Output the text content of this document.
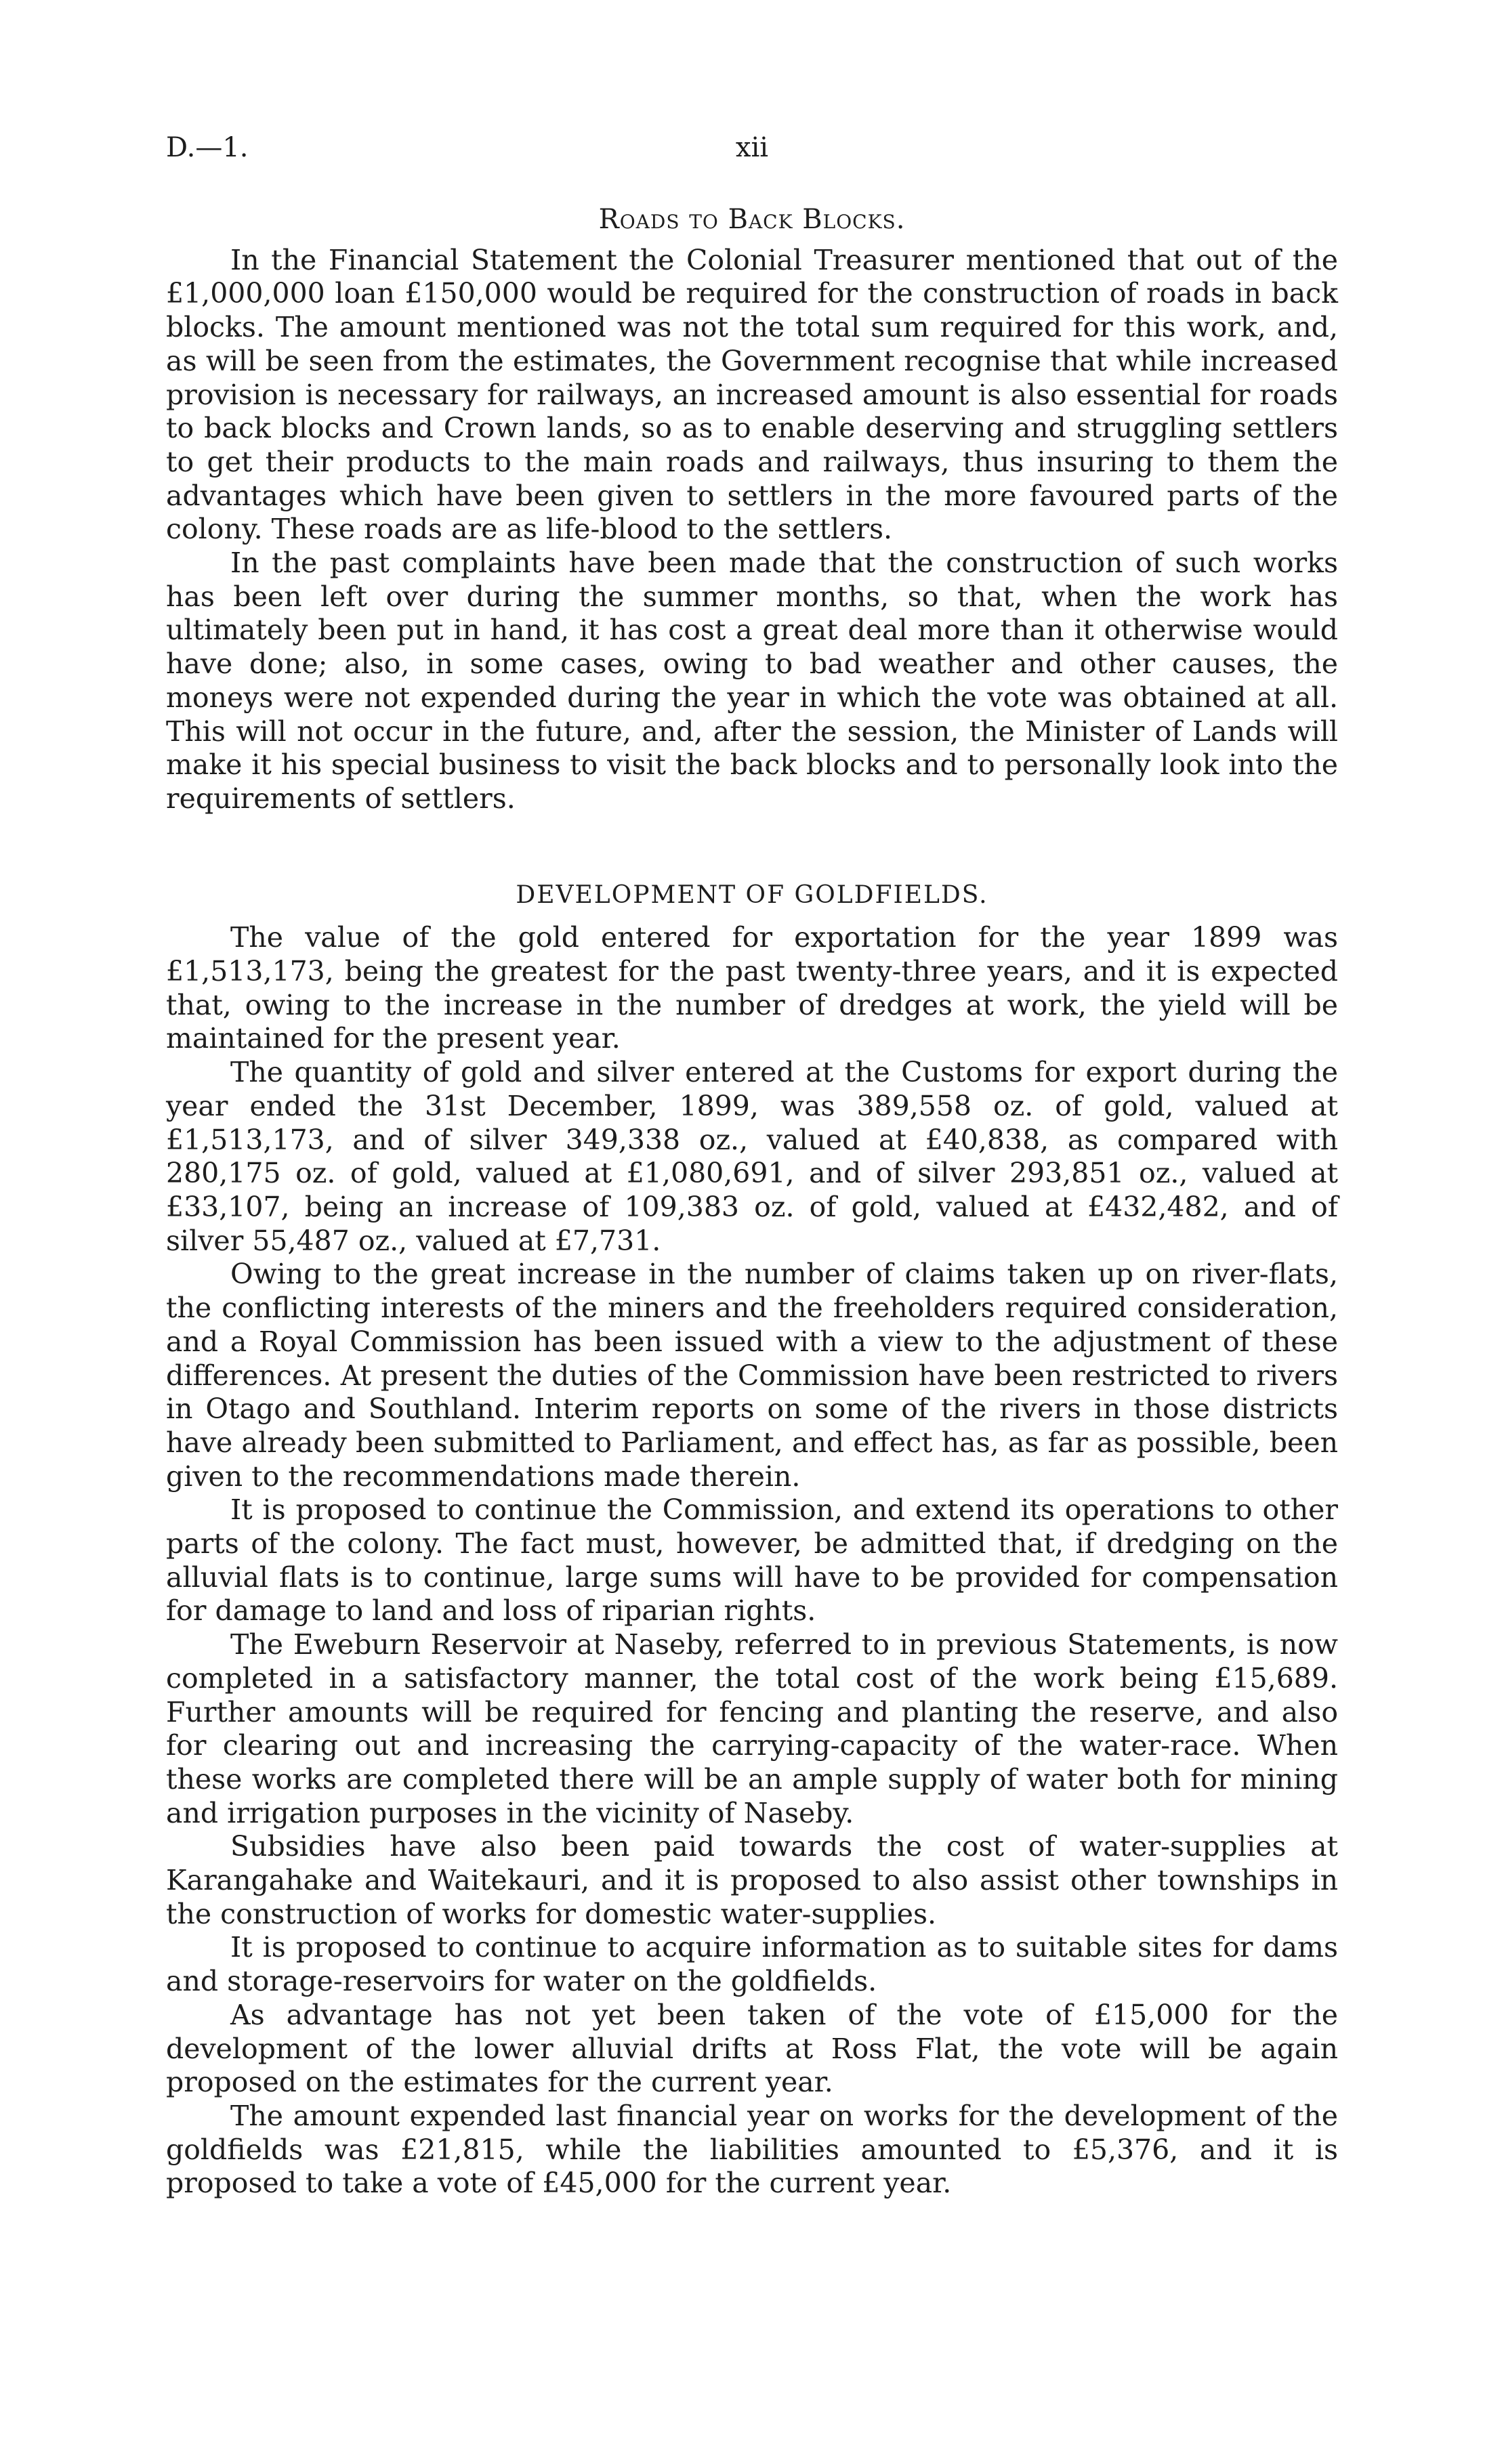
D.—1.	xii
Roads to Back Blocks.

In the Financial Statement the Colonial Treasurer mentioned that out of the £1,000,000 loan £150,000 would be required for the construction of roads in back blocks. The amount mentioned was not the total sum required for this work, and, as will be seen from the estimates, the Government recognise that while increased provision is necessary for railways, an increased amount is also essential for roads to back blocks and Crown lands, so as to enable deserving and struggling settlers to get their products to the main roads and railways, thus insuring to them the advantages which have been given to settlers in the more favoured parts of the colony. These roads are as life-blood to the settlers.

In the past complaints have been made that the construction of such works has been left over during the summer months, so that, when the work has ultimately been put in hand, it has cost a great deal more than it otherwise would have done; also, in some cases, owing to bad weather and other causes, the moneys were not expended during the year in which the vote was obtained at all. This will not occur in the future, and, after the session, the Minister of Lands will make it his special business to visit the back blocks and to personally look into the requirements of settlers.

DEVELOPMENT OF GOLDFIELDS.

The value of the gold entered for exportation for the year 1899 was £1,513,173, being the greatest for the past twenty-three years, and it is expected that, owing to the increase in the number of dredges at work, the yield will be maintained for the present year.

The quantity of gold and silver entered at the Customs for export during the year ended the 31st December, 1899, was 389,558 oz. of gold, valued at £1,513,173, and of silver 349,338 oz., valued at £40,838, as compared with 280,175 oz. of gold, valued at £1,080,691, and of silver 293,851 oz., valued at £33,107, being an increase of 109,383 oz. of gold, valued at £432,482, and of silver 55,487 oz., valued at £7,731.

Owing to the great increase in the number of claims taken up on river-flats, the conflicting interests of the miners and the freeholders required consideration, and a Royal Commission has been issued with a view to the adjustment of these differences. At present the duties of the Commission have been restricted to rivers in Otago and Southland. Interim reports on some of the rivers in those districts have already been submitted to Parliament, and effect has, as far as possible, been given to the recommendations made therein.

It is proposed to continue the Commission, and extend its operations to other parts of the colony. The fact must, however, be admitted that, if dredging on the alluvial flats is to continue, large sums will have to be provided for compensation for damage to land and loss of riparian rights.

The Eweburn Reservoir at Naseby, referred to in previous Statements, is now completed in a satisfactory manner, the total cost of the work being £15,689. Further amounts will be required for fencing and planting the reserve, and also for clearing out and increasing the carrying-capacity of the water-race. When these works are completed there will be an ample supply of water both for mining and irrigation purposes in the vicinity of Naseby.

Subsidies have also been paid towards the cost of water-supplies at Karangahake and Waitekauri, and it is proposed to also assist other townships in the construction of works for domestic water-supplies.

It is proposed to continue to acquire information as to suitable sites for dams and storage-reservoirs for water on the goldfields.

As advantage has not yet been taken of the vote of £15,000 for the development of the lower alluvial drifts at Ross Flat, the vote will be again proposed on the estimates for the current year.

The amount expended last financial year on works for the development of the goldfields was £21,815, while the liabilities amounted to £5,376, and it is proposed to take a vote of £45,000 for the current year.
